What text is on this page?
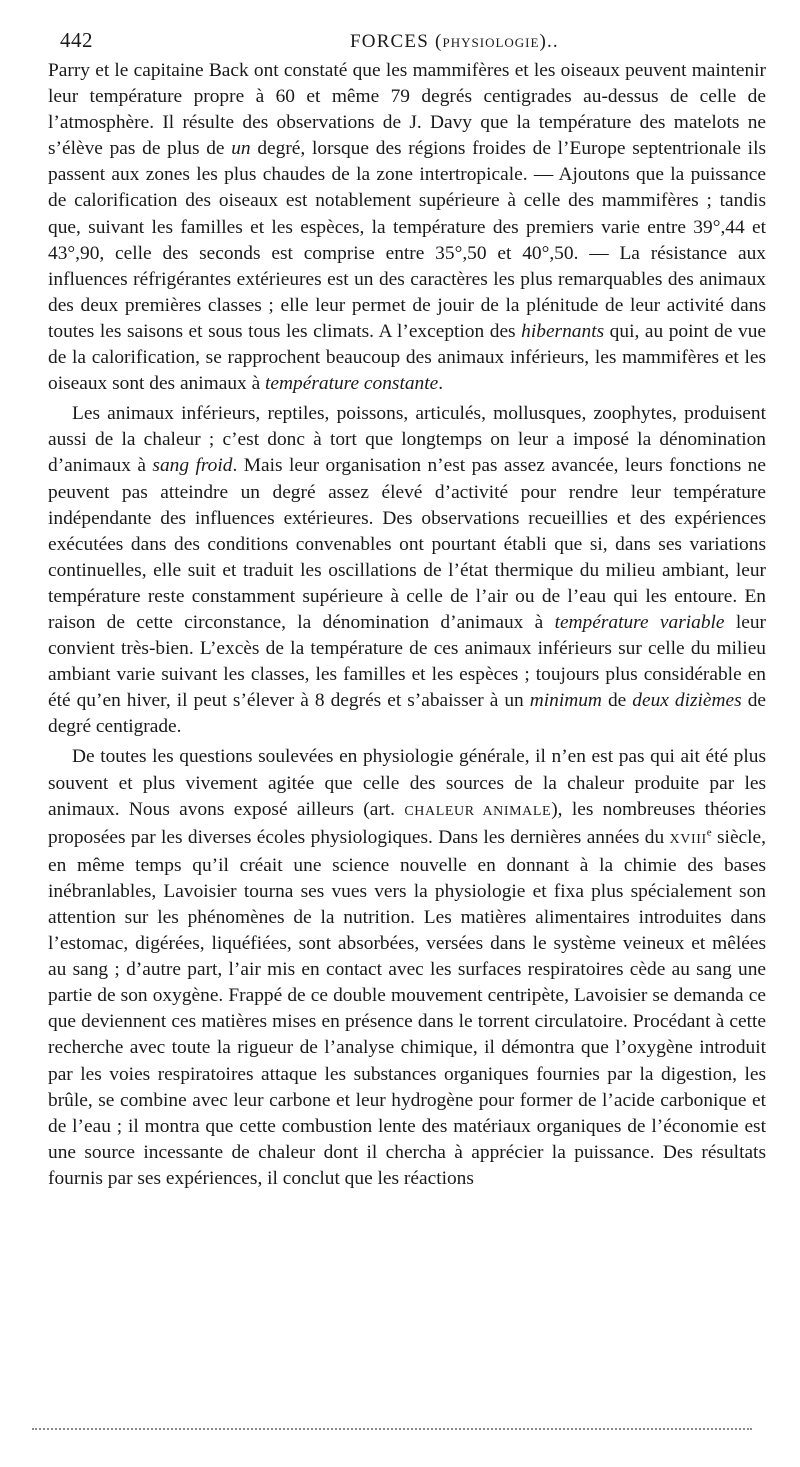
442	FORCES (PHYSIOLOGIE)..

Parry et le capitaine Back ont constaté que les mammifères et les oiseaux peuvent maintenir leur température propre à 60 et même 79 degrés centigrades au-dessus de celle de l’atmosphère. Il résulte des observations de J. Davy que la température des matelots ne s’élève pas de plus de un degré, lorsque des régions froides de l’Europe septentrionale ils passent aux zones les plus chaudes de la zone intertropicale. — Ajoutons que la puissance de calorification des oiseaux est notablement supérieure à celle des mammifères ; tandis que, suivant les familles et les espèces, la température des premiers varie entre 39°,44 et 43°,90, celle des seconds est comprise entre 35°,50 et 40°,50. — La résistance aux influences réfrigérantes extérieures est un des caractères les plus remarquables des animaux des deux premières classes ; elle leur permet de jouir de la plénitude de leur activité dans toutes les saisons et sous tous les climats. A l’exception des hibernants qui, au point de vue de la calorification, se rapprochent beaucoup des animaux inférieurs, les mammifères et les oiseaux sont des animaux à température constante.

Les animaux inférieurs, reptiles, poissons, articulés, mollusques, zoophytes, produisent aussi de la chaleur ; c’est donc à tort que longtemps on leur a imposé la dénomination d’animaux à sang froid. Mais leur organisation n’est pas assez avancée, leurs fonctions ne peuvent pas atteindre un degré assez élevé d’activité pour rendre leur température indépendante des influences extérieures. Des observations recueillies et des expériences exécutées dans des conditions convenables ont pourtant établi que si, dans ses variations continuelles, elle suit et traduit les oscillations de l’état thermique du milieu ambiant, leur température reste constamment supérieure à celle de l’air ou de l’eau qui les entoure. En raison de cette circonstance, la dénomination d’animaux à température variable leur convient très-bien. L’excès de la température de ces animaux inférieurs sur celle du milieu ambiant varie suivant les classes, les familles et les espèces ; toujours plus considérable en été qu’en hiver, il peut s’élever à 8 degrés et s’abaisser à un minimum de deux dizièmes de degré centigrade.

De toutes les questions soulevées en physiologie générale, il n’en est pas qui ait été plus souvent et plus vivement agitée que celle des sources de la chaleur produite par les animaux. Nous avons exposé ailleurs (art. CHALEUR ANIMALE), les nombreuses théories proposées par les diverses écoles physiologiques. Dans les dernières années du XVIIIe siècle, en même temps qu’il créait une science nouvelle en donnant à la chimie des bases inébranlables, Lavoisier tourna ses vues vers la physiologie et fixa plus spécialement son attention sur les phénomènes de la nutrition. Les matières alimentaires introduites dans l’estomac, digérées, liquéfiées, sont absorbées, versées dans le système veineux et mêlées au sang ; d’autre part, l’air mis en contact avec les surfaces respiratoires cède au sang une partie de son oxygène. Frappé de ce double mouvement centripète, Lavoisier se demanda ce que deviennent ces matières mises en présence dans le torrent circulatoire. Procédant à cette recherche avec toute la rigueur de l’analyse chimique, il démontra que l’oxygène introduit par les voies respiratoires attaque les substances organiques fournies par la digestion, les brûle, se combine avec leur carbone et leur hydrogène pour former de l’acide carbonique et de l’eau ; il montra que cette combustion lente des matériaux organiques de l’économie est une source incessante de chaleur dont il chercha à apprécier la puissance. Des résultats fournis par ses expériences, il conclut que les réactions
